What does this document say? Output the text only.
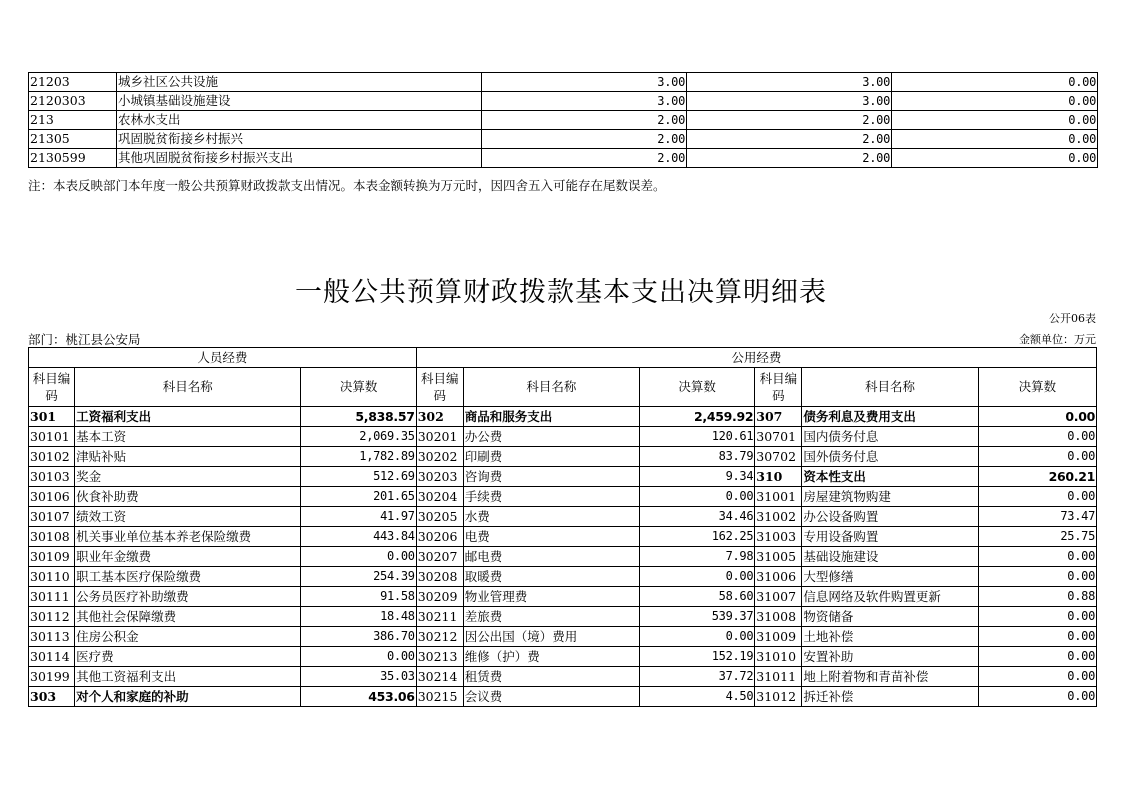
21203	城乡社区公共设施	3.00	3.00	0.00
2120303	小城镇基础设施建设	3.00	3.00	0.00
213	农林水支出	2.00	2.00	0.00
21305	巩固脱贫衔接乡村振兴	2.00	2.00	0.00
2130599	其他巩固脱贫衔接乡村振兴支出	2.00	2.00	0.00
注：本表反映部门本年度一般公共预算财政拨款支出情况。本表金额转换为万元时，因四舍五入可能存在尾数误差。
一般公共预算财政拨款基本支出决算明细表
公开06表
部门：桃江县公安局	金额单位：万元
人员经费			公用经费					
科目编码	科目名称	决算数	科目编码	科目名称	决算数	科目编码	科目名称	决算数
301	工资福利支出	5,838.57	302	商品和服务支出	2,459.92	307	债务利息及费用支出	0.00
30101	基本工资	2,069.35	30201	办公费	120.61	30701	国内债务付息	0.00
30102	津贴补贴	1,782.89	30202	印刷费	83.79	30702	国外债务付息	0.00
30103	奖金	512.69	30203	咨询费	9.34	310	资本性支出	260.21
30106	伙食补助费	201.65	30204	手续费	0.00	31001	房屋建筑物购建	0.00
30107	绩效工资	41.97	30205	水费	34.46	31002	办公设备购置	73.47
30108	机关事业单位基本养老保险缴费	443.84	30206	电费	162.25	31003	专用设备购置	25.75
30109	职业年金缴费	0.00	30207	邮电费	7.98	31005	基础设施建设	0.00
30110	职工基本医疗保险缴费	254.39	30208	取暖费	0.00	31006	大型修缮	0.00
30111	公务员医疗补助缴费	91.58	30209	物业管理费	58.60	31007	信息网络及软件购置更新	0.88
30112	其他社会保障缴费	18.48	30211	差旅费	539.37	31008	物资储备	0.00
30113	住房公积金	386.70	30212	因公出国（境）费用	0.00	31009	土地补偿	0.00
30114	医疗费	0.00	30213	维修（护）费	152.19	31010	安置补助	0.00
30199	其他工资福利支出	35.03	30214	租赁费	37.72	31011	地上附着物和青苗补偿	0.00
303	对个人和家庭的补助	453.06	30215	会议费	4.50	31012	拆迁补偿	0.00
